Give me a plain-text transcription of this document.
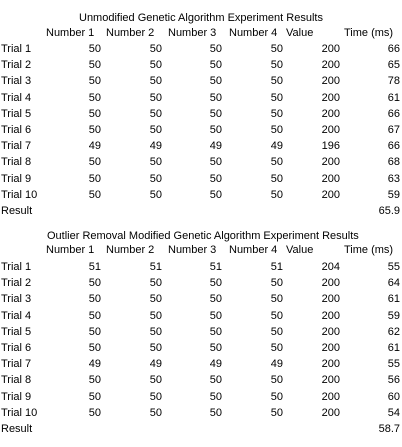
Unmodified Genetic Algorithm Experiment Results
Number 1 Number 2 Number 3 Number 4 Value	Time (ms)
Trial 1	50	50	50	50	200	66
Trial 2	50	50	50	50	200	65
Trial 3	50	50	50	50	200	78
Trial 4	50	50	50	50	200	61
Trial 5	50	50	50	50	200	66
Trial 6	50	50	50	50	200	67
Trial 7	49	49	49	49	196	66
Trial 8	50	50	50	50	200	68
Trial 9	50	50	50	50	200	63
Trial 10	50	50	50	50	200	59
Result	65.9
Outlier Removal Modified Genetic Algorithm Experiment Results
Number 1 Number 2 Number 3 Number 4 Value	Time (ms)
Trial 1	51	51	51	51	204	55
Trial 2	50	50	50	50	200	64
Trial 3	50	50	50	50	200	61
Trial 4	50	50	50	50	200	59
Trial 5	50	50	50	50	200	62
Trial 6	50	50	50	50	200	61
Trial 7	49	49	49	49	200	55
Trial 8	50	50	50	50	200	56
Trial 9	50	50	50	50	200	60
Trial 10	50	50	50	50	200	54
Result	58.7
